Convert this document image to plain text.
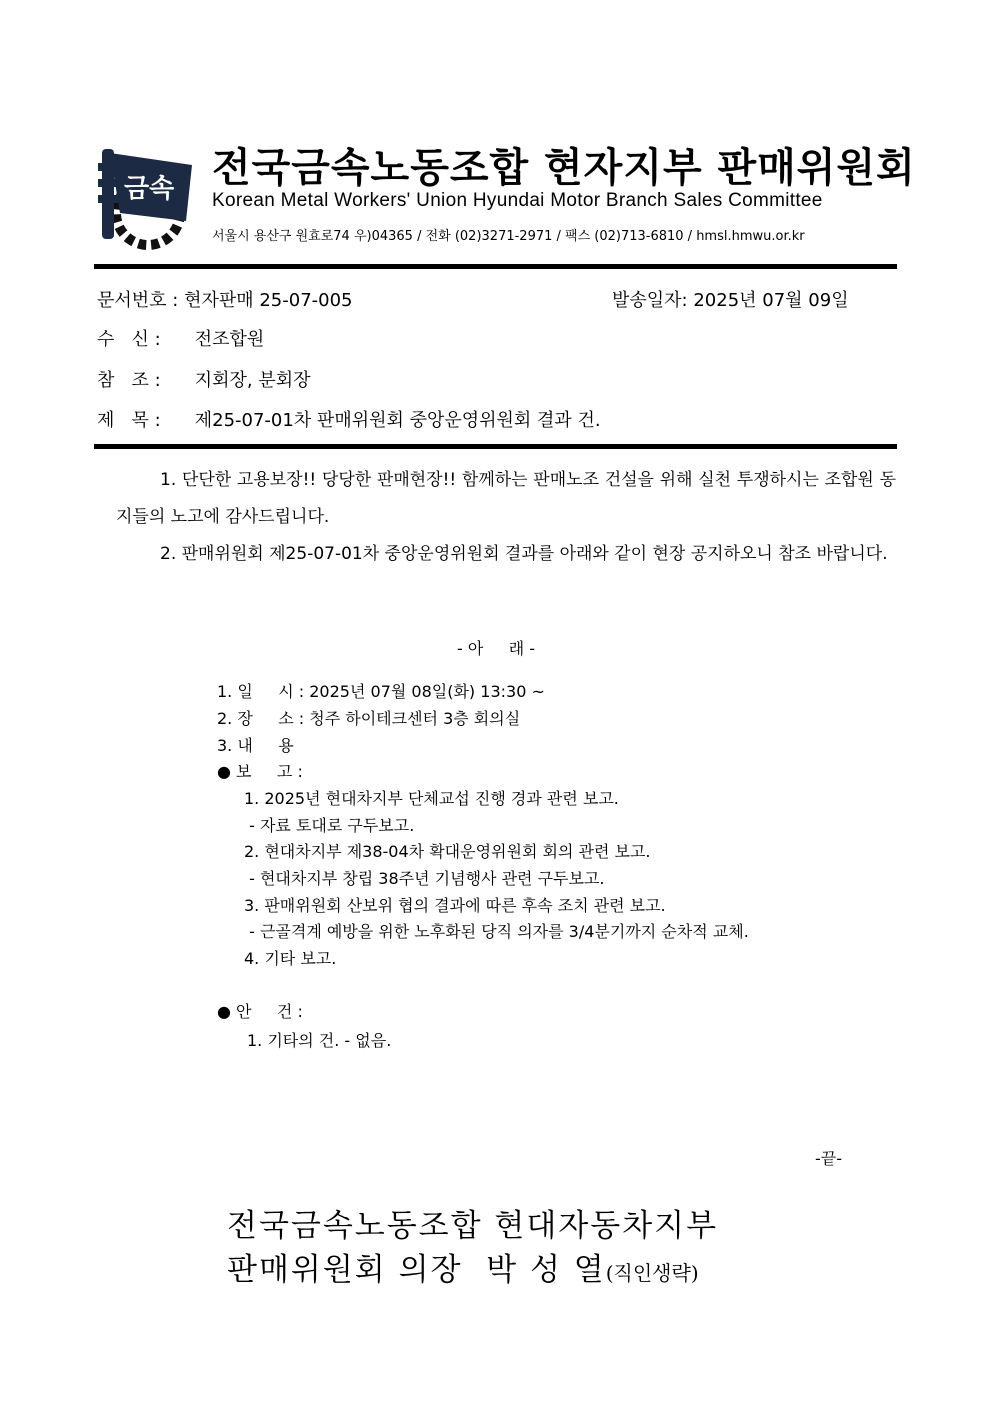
금속 전국금속노동조합 현자지부 판매위원회
Korean Metal Workers' Union Hyundai Motor Branch Sales Committee
서울시 용산구 원효로74 우)04365 / 전화 (02)3271-2971 / 팩스 (02)713-6810 / hmsl.hmwu.or.kr
문서번호 : 현자판매 25-07-005	발송일자: 2025년 07월 09일
수   신 : 전조합원
참   조 : 지회장, 분회장
제   목 : 제25-07-01차 판매위원회 중앙운영위원회 결과 건.
1. 단단한 고용보장!! 당당한 판매현장!! 함께하는 판매노조 건설을 위해 실천 투쟁하시는 조합원 동지들의 노고에 감사드립니다.
2. 판매위원회 제25-07-01차 중앙운영위원회 결과를 아래와 같이 현장 공지하오니 참조 바랍니다.
- 아     래 -
1. 일     시 : 2025년 07월 08일(화) 13:30 ~
2. 장     소 : 청주 하이테크센터 3층 회의실
3. 내     용
● 보     고 :
1. 2025년 현대차지부 단체교섭 진행 경과 관련 보고.
- 자료 토대로 구두보고.
2. 현대차지부 제38-04차 확대운영위원회 회의 관련 보고.
- 현대차지부 창립 38주년 기념행사 관련 구두보고.
3. 판매위원회 산보위 협의 결과에 따른 후속 조치 관련 보고.
- 근골격계 예방을 위한 노후화된 당직 의자를 3/4분기까지 순차적 교체.
4. 기타 보고.
● 안     건 :
1. 기타의 건. - 없음.
-끝-
전국금속노동조합 현대자동차지부
판매위원회 의장  박 성 열(직인생략)
